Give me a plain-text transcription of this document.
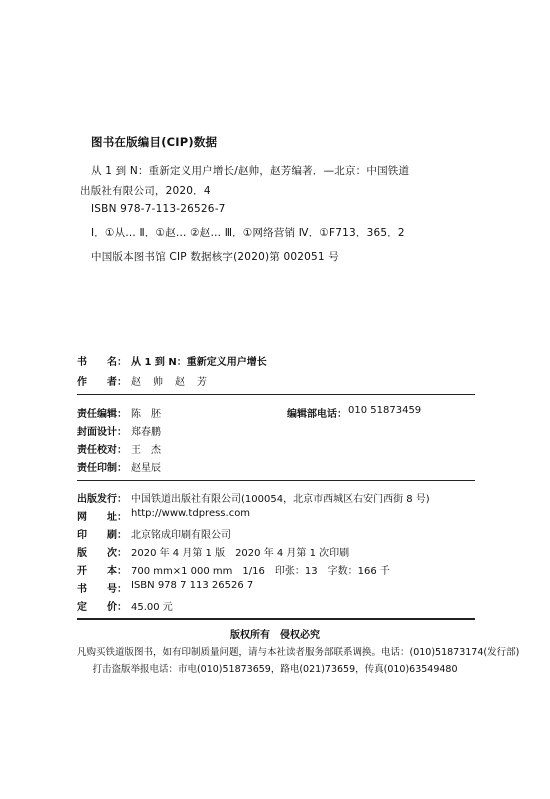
图书在版编目(CIP)数据
从 1 到 N：重新定义用户增长/赵帅，赵芳编著．—北京：中国铁道
出版社有限公司，2020．4
ISBN 978-7-113-26526-7
Ⅰ．①从… Ⅱ．①赵… ②赵… Ⅲ．①网络营销 Ⅳ．①F713．365．2
中国版本图书馆 CIP 数据核字(2020)第 002051 号
书　　名： 从 1 到 N：重新定义用户增长
作　　者： 赵　帅　赵　芳
责任编辑： 陈　胚	编辑部电话： 010 51873459
封面设计： 郑春鹏
责任校对： 王　杰
责任印制： 赵星辰
出版发行： 中国铁道出版社有限公司(100054，北京市西城区右安门西街 8 号)
网　　址： http://www.tdpress.com
印　　刷： 北京铭成印刷有限公司
版　　次： 2020 年 4 月第 1 版　2020 年 4 月第 1 次印刷
开　　本： 700 mm×1 000 mm　1/16　印张：13　字数：166 千
书　　号： ISBN 978 7 113 26526 7
定　　价： 45.00 元
版权所有　侵权必究
凡购买铁道版图书，如有印制质量问题，请与本社读者服务部联系调换。电话：(010)51873174(发行部)
打击盗版举报电话：市电(010)51873659，路电(021)73659，传真(010)63549480
